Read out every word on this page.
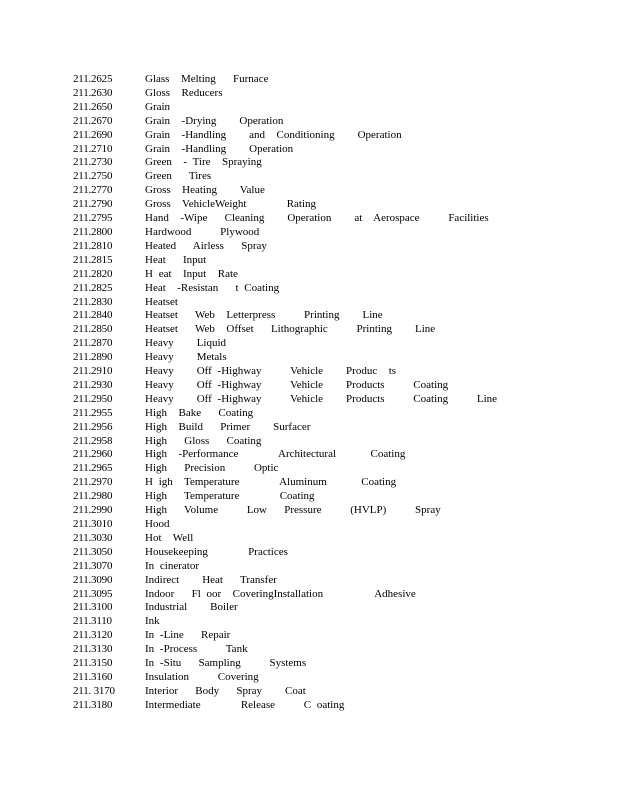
211.2625	Glass  Melting   Furnace
211.2630	Gloss  Reducers
211.2650	Grain
211.2670	Grain  -Drying    Operation
211.2690	Grain  -Handling    and  Conditioning    Operation
211.2710	Grain  -Handling    Operation
211.2730	Green  - Tire  Spraying
211.2750	Green   Tires
211.2770	Gross  Heating    Value
211.2790	Gross  VehicleWeight       Rating
211.2795	Hand  -Wipe   Cleaning    Operation    at  Aerospace     Facilities
211.2800	Hardwood     Plywood
211.2810	Heated   Airless   Spray
211.2815	Heat   Input
211.2820	H eat  Input  Rate
211.2825	Heat  -Resistan   t Coating
211.2830	Heatset
211.2840	Heatset   Web  Letterpress     Printing    Line
211.2850	Heatset   Web  Offset   Lithographic     Printing    Line
211.2870	Heavy    Liquid
211.2890	Heavy    Metals
211.2910	Heavy    Off -Highway     Vehicle    Produc  ts
211.2930	Heavy    Off -Highway     Vehicle    Products     Coating
211.2950	Heavy    Off -Highway     Vehicle    Products     Coating     Line
211.2955	High  Bake   Coating
211.2956	High  Build   Primer    Surfacer
211.2958	High   Gloss   Coating
211.2960	High  -Performance       Architectural      Coating
211.2965	High   Precision     Optic
211.2970	H igh  Temperature       Aluminum      Coating
211.2980	High   Temperature       Coating
211.2990	High   Volume     Low   Pressure     (HVLP)     Spray
211.3010	Hood
211.3030	Hot  Well
211.3050	Housekeeping       Practices
211.3070	In cinerator
211.3090	Indirect    Heat   Transfer
211.3095	Indoor   Fl oor  CoveringInstallation         Adhesive
211.3100	Industrial    Boiler
211.3110	Ink
211.3120	In -Line   Repair
211.3130	In -Process     Tank
211.3150	In -Situ   Sampling     Systems
211.3160	Insulation     Covering
211. 3170	Interior   Body   Spray    Coat
211.3180	Intermediate       Release     C oating
